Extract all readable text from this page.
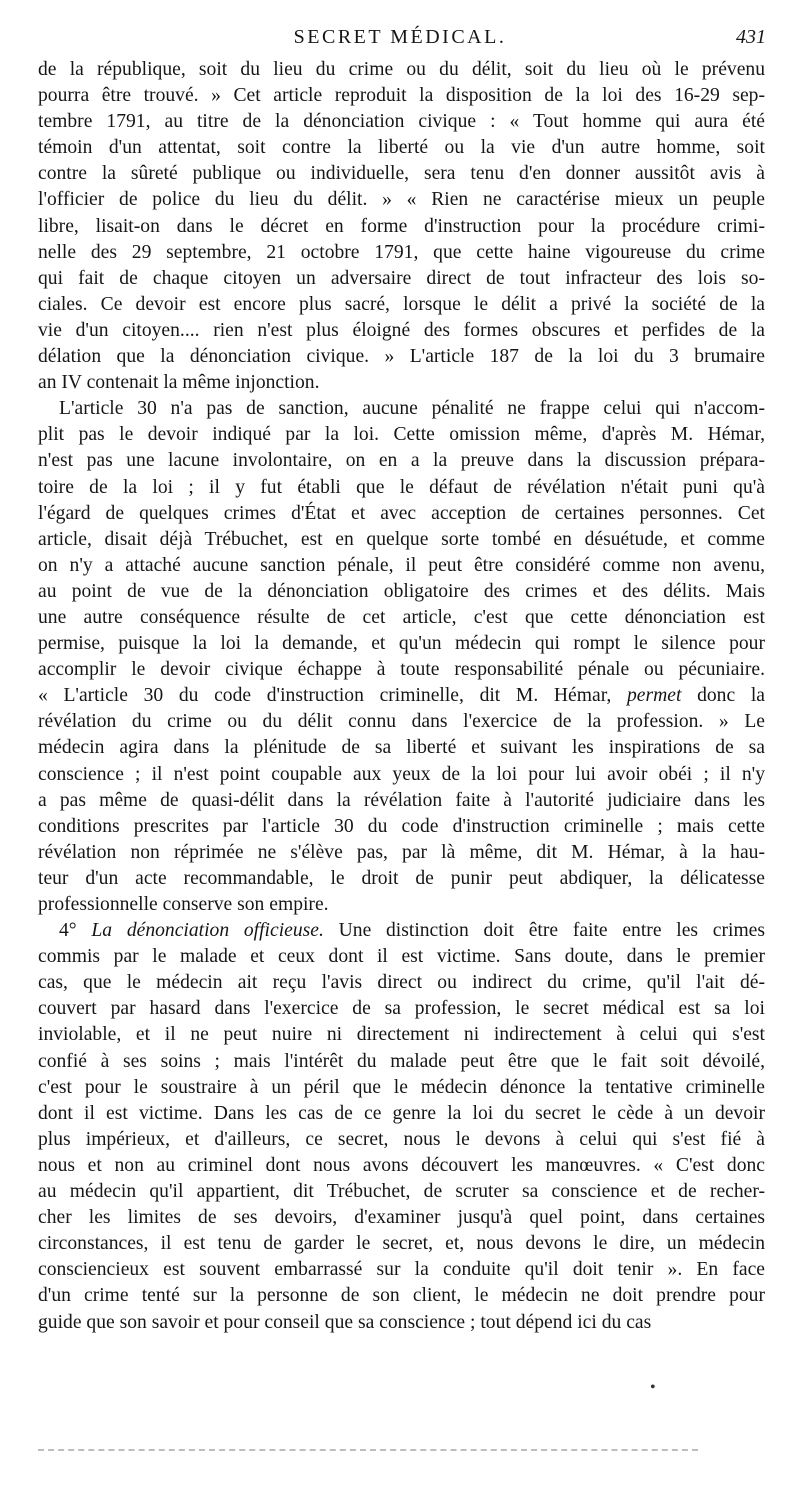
SECRET MÉDICAL.	431
de la république, soit du lieu du crime ou du délit, soit du lieu où le prévenu
pourra être trouvé. » Cet article reproduit la disposition de la loi des 16-29 sep-
tembre 1791, au titre de la dénonciation civique : « Tout homme qui aura été
témoin d'un attentat, soit contre la liberté ou la vie d'un autre homme, soit
contre la sûreté publique ou individuelle, sera tenu d'en donner aussitôt avis à
l'officier de police du lieu du délit. » « Rien ne caractérise mieux un peuple
libre, lisait-on dans le décret en forme d'instruction pour la procédure crimi-
nelle des 29 septembre, 21 octobre 1791, que cette haine vigoureuse du crime
qui fait de chaque citoyen un adversaire direct de tout infracteur des lois so-
ciales. Ce devoir est encore plus sacré, lorsque le délit a privé la société de la
vie d'un citoyen.... rien n'est plus éloigné des formes obscures et perfides de la
délation que la dénonciation civique. » L'article 187 de la loi du 3 brumaire
an IV contenait la même injonction.
L'article 30 n'a pas de sanction, aucune pénalité ne frappe celui qui n'accom-
plit pas le devoir indiqué par la loi. Cette omission même, d'après M. Hémar,
n'est pas une lacune involontaire, on en a la preuve dans la discussion prépara-
toire de la loi ; il y fut établi que le défaut de révélation n'était puni qu'à
l'égard de quelques crimes d'État et avec acception de certaines personnes. Cet
article, disait déjà Trébuchet, est en quelque sorte tombé en désuétude, et comme
on n'y a attaché aucune sanction pénale, il peut être considéré comme non avenu,
au point de vue de la dénonciation obligatoire des crimes et des délits. Mais
une autre conséquence résulte de cet article, c'est que cette dénonciation est
permise, puisque la loi la demande, et qu'un médecin qui rompt le silence pour
accomplir le devoir civique échappe à toute responsabilité pénale ou pécuniaire.
« L'article 30 du code d'instruction criminelle, dit M. Hémar, permet donc la
révélation du crime ou du délit connu dans l'exercice de la profession. » Le
médecin agira dans la plénitude de sa liberté et suivant les inspirations de sa
conscience ; il n'est point coupable aux yeux de la loi pour lui avoir obéi ; il n'y
a pas même de quasi-délit dans la révélation faite à l'autorité judiciaire dans les
conditions prescrites par l'article 30 du code d'instruction criminelle ; mais cette
révélation non réprimée ne s'élève pas, par là même, dit M. Hémar, à la hau-
teur d'un acte recommandable, le droit de punir peut abdiquer, la délicatesse
professionnelle conserve son empire.
4° La dénonciation officieuse. Une distinction doit être faite entre les crimes
commis par le malade et ceux dont il est victime. Sans doute, dans le premier
cas, que le médecin ait reçu l'avis direct ou indirect du crime, qu'il l'ait dé-
couvert par hasard dans l'exercice de sa profession, le secret médical est sa loi
inviolable, et il ne peut nuire ni directement ni indirectement à celui qui s'est
confié à ses soins ; mais l'intérêt du malade peut être que le fait soit dévoilé,
c'est pour le soustraire à un péril que le médecin dénonce la tentative criminelle
dont il est victime. Dans les cas de ce genre la loi du secret le cède à un devoir
plus impérieux, et d'ailleurs, ce secret, nous le devons à celui qui s'est fié à
nous et non au criminel dont nous avons découvert les manœuvres. « C'est donc
au médecin qu'il appartient, dit Trébuchet, de scruter sa conscience et de recher-
cher les limites de ses devoirs, d'examiner jusqu'à quel point, dans certaines
circonstances, il est tenu de garder le secret, et, nous devons le dire, un médecin
consciencieux est souvent embarrassé sur la conduite qu'il doit tenir ». En face
d'un crime tenté sur la personne de son client, le médecin ne doit prendre pour
guide que son savoir et pour conseil que sa conscience ; tout dépend ici du cas
•
